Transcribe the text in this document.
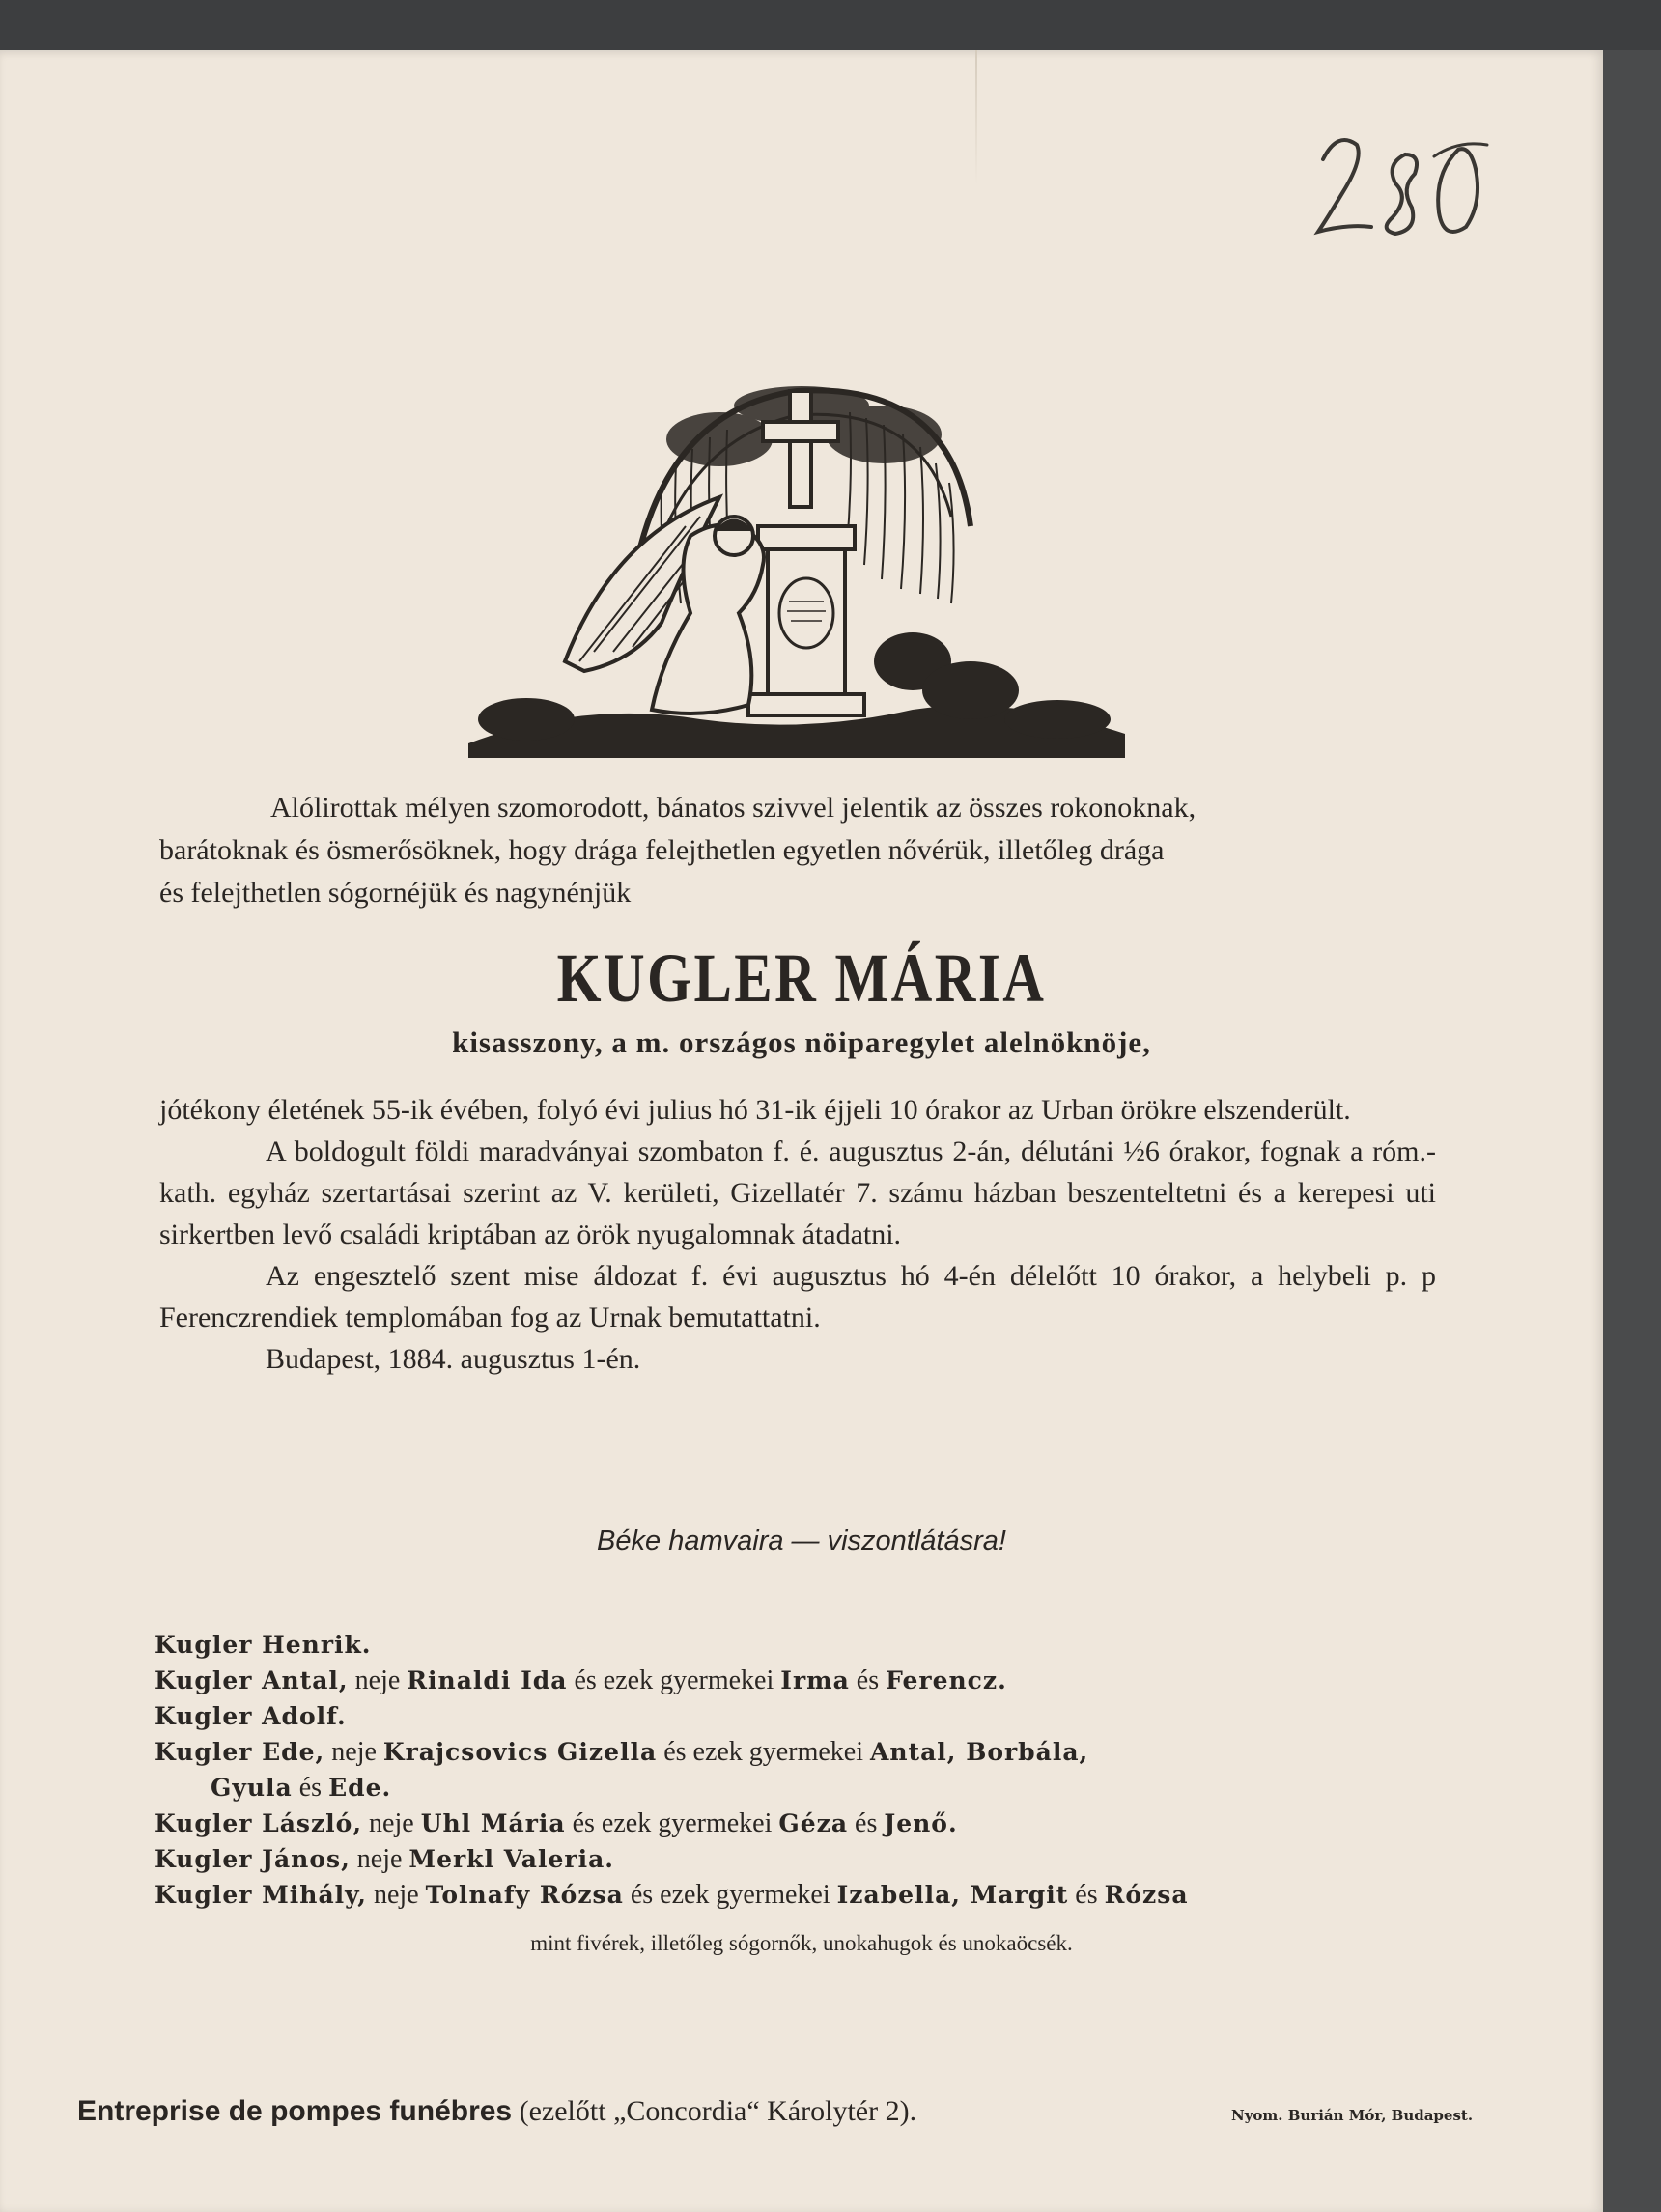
Alólirottak mélyen szomorodott, bánatos szivvel jelentik az összes rokonoknak,
barátoknak és ösmerősöknek, hogy drága felejthetlen egyetlen nővérük, illetőleg drága
és felejthetlen sógornéjük és nagynénjük
KUGLER MÁRIA
kisasszony, a m. országos nöiparegylet alelnöknöje,

jótékony életének 55-ik évében, folyó évi julius hó 31-ik éjjeli 10 órakor az Urban örökre elszenderült.

A boldogult földi maradványai szombaton f. é. augusztus 2-án, délutáni ½6 órakor, fognak a róm.-kath. egyház szertartásai szerint az V. kerületi, Gizellatér 7. számu házban beszenteltetni és a kerepesi uti sirkertben levő családi kriptában az örök nyugalomnak átadatni.

Az engesztelő szent mise áldozat f. évi augusztus hó 4-én délelőtt 10 órakor, a helybeli p. p Ferenczrendiek templomában fog az Urnak bemutattatni.

Budapest, 1884. augusztus 1-én.

Béke hamvaira — viszontlátásra!
Kugler Henrik.
Kugler Antal, neje Rinaldi Ida és ezek gyermekei Irma és Ferencz.
Kugler Adolf.
Kugler Ede, neje Krajcsovics Gizella és ezek gyermekei Antal, Borbála,
Gyula és Ede.
Kugler László, neje Uhl Mária és ezek gyermekei Géza és Jenő.
Kugler János, neje Merkl Valeria.
Kugler Mihály, neje Tolnafy Rózsa és ezek gyermekei Izabella, Margit és Rózsa
mint fivérek, illetőleg sógornők, unokahugok és unokaöcsék.
Entreprise de pompes funébres (ezelőtt „Concordia“ Károlytér 2).	Nyom. Burián Mór, Budapest.
